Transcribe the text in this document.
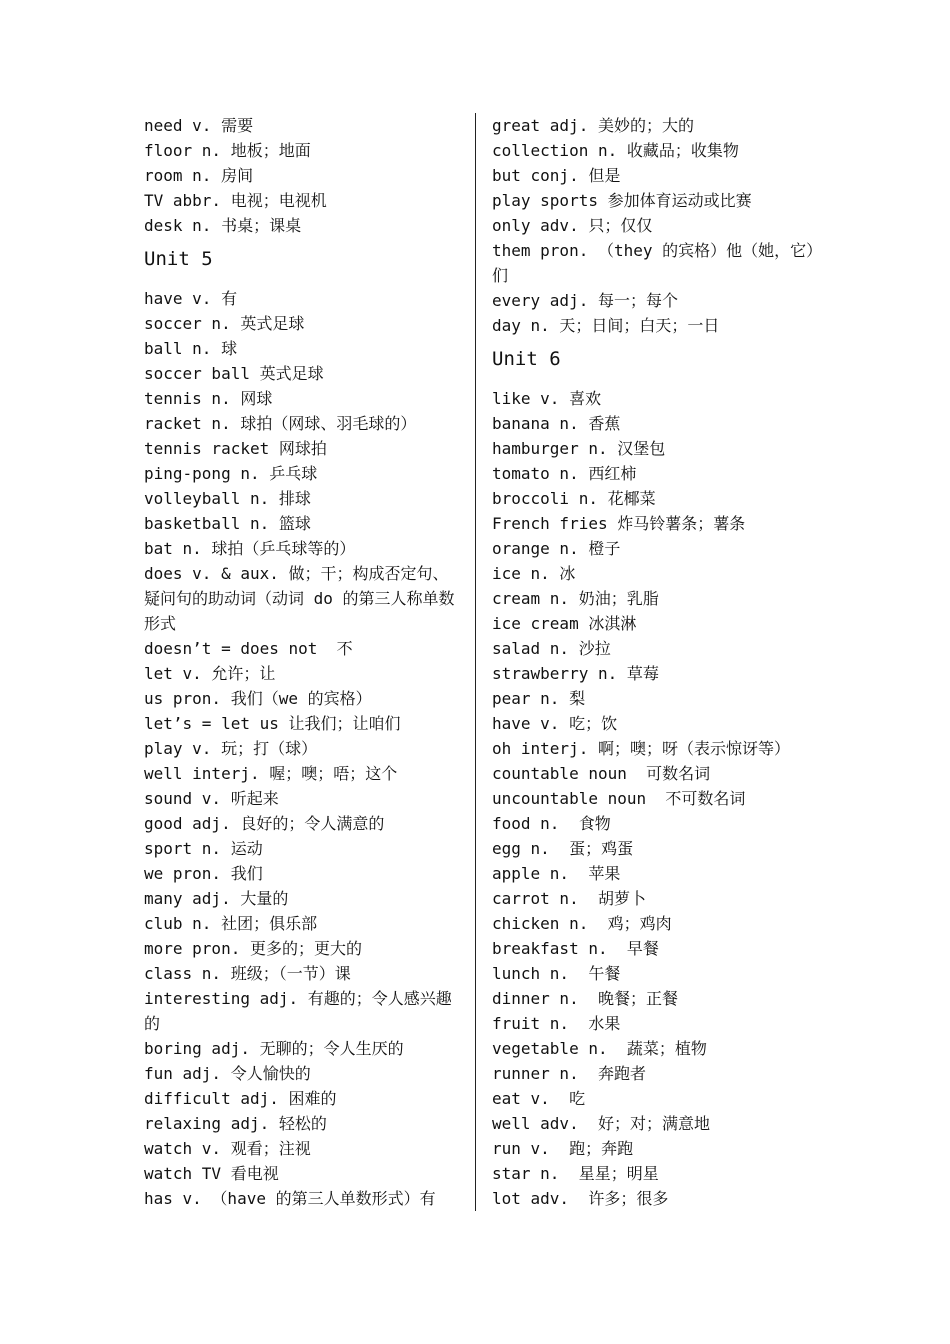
need v. 需要

floor n. 地板；地面

room n. 房间

TV abbr. 电视；电视机

desk n. 书桌；课桌

Unit 5

have v. 有

soccer n. 英式足球

ball n. 球

soccer ball 英式足球

tennis n. 网球

racket n. 球拍（网球、羽毛球的）

tennis racket 网球拍

ping-pong n. 乒乓球

volleyball n. 排球

basketball n. 篮球

bat n. 球拍（乒乓球等的）

does v. & aux. 做；干；构成否定句、疑问句的助动词（动词 do 的第三人称单数形式

doesn’t = does not  不

let v. 允许；让

us pron. 我们（we 的宾格）

let’s = let us 让我们；让咱们

play v. 玩；打（球）

well interj. 喔；噢；唔；这个

sound v. 听起来

good adj. 良好的；令人满意的

sport n. 运动

we pron. 我们

many adj. 大量的

club n. 社团；俱乐部

more pron. 更多的；更大的

class n. 班级；（一节）课

interesting adj. 有趣的；令人感兴趣的

boring adj. 无聊的；令人生厌的

fun adj. 令人愉快的

difficult adj. 困难的

relaxing adj. 轻松的

watch v. 观看；注视

watch TV 看电视

has v. （have 的第三人单数形式）有

great adj. 美妙的；大的

collection n. 收藏品；收集物

but conj. 但是

play sports 参加体育运动或比赛

only adv. 只；仅仅

them pron. （they 的宾格）他（她，它）们

every adj. 每一；每个

day n. 天；日间；白天；一日

Unit 6

like v. 喜欢

banana n. 香蕉

hamburger n. 汉堡包

tomato n. 西红柿

broccoli n. 花椰菜

French fries 炸马铃薯条；薯条

orange n. 橙子

ice n. 冰

cream n. 奶油；乳脂

ice cream 冰淇淋

salad n. 沙拉

strawberry n. 草莓

pear n. 梨

have v. 吃；饮

oh interj. 啊；噢；呀（表示惊讶等）

countable noun  可数名词

uncountable noun  不可数名词

food n.  食物

egg n.  蛋；鸡蛋

apple n.  苹果

carrot n.  胡萝卜

chicken n.  鸡；鸡肉

breakfast n.  早餐

lunch n.  午餐

dinner n.  晚餐；正餐

fruit n.  水果

vegetable n.  蔬菜；植物

runner n.  奔跑者

eat v.  吃

well adv.  好；对；满意地

run v.  跑；奔跑

star n.  星星；明星

lot adv.  许多；很多
